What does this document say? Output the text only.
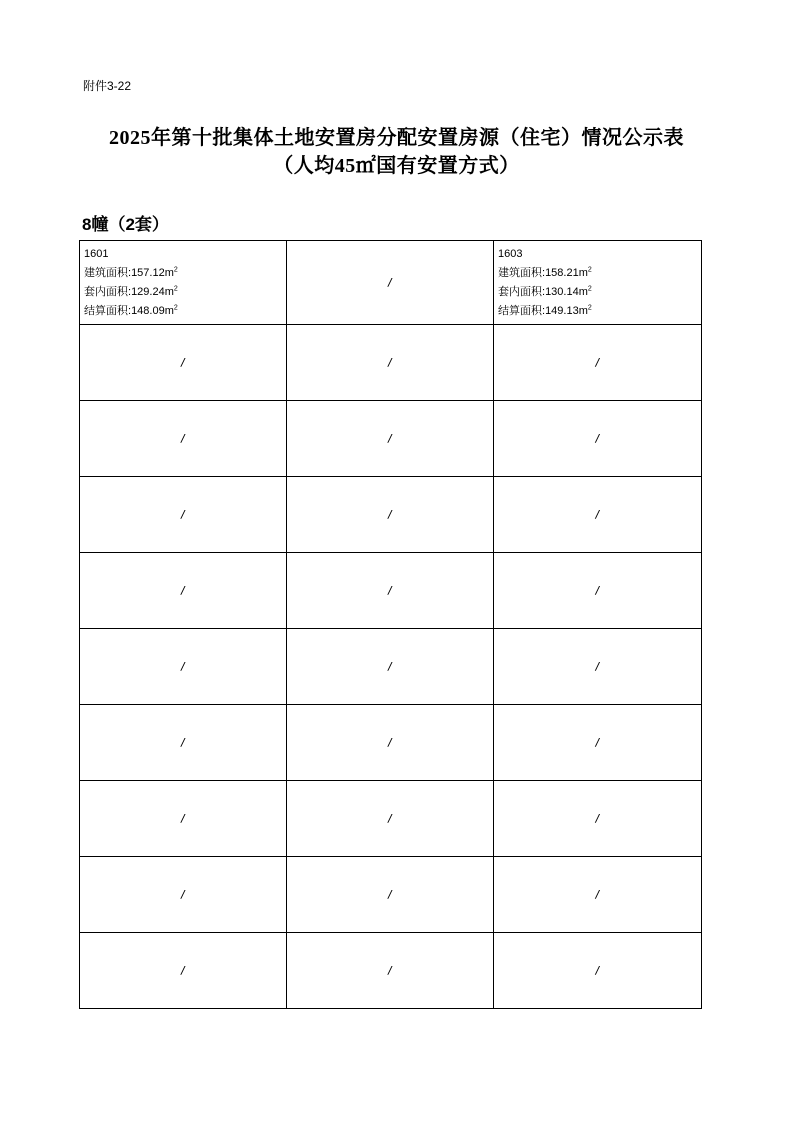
附件3-22
2025年第十批集体土地安置房分配安置房源（住宅）情况公示表
（人均45㎡国有安置方式）
8幢（2套）
1601
建筑面积$:157.12m^2$
套内面积$:129.24m^2$
结算面积$:148.09m^2$	/	1603
建筑面积$:158.21m^2$
套内面积$:130.14m^2$
结算面积$:149.13m^2$

/	/	/
/	/	/
/	/	/
/	/	/
/	/	/
/	/	/
/	/	/
/	/	/
/	/	/
